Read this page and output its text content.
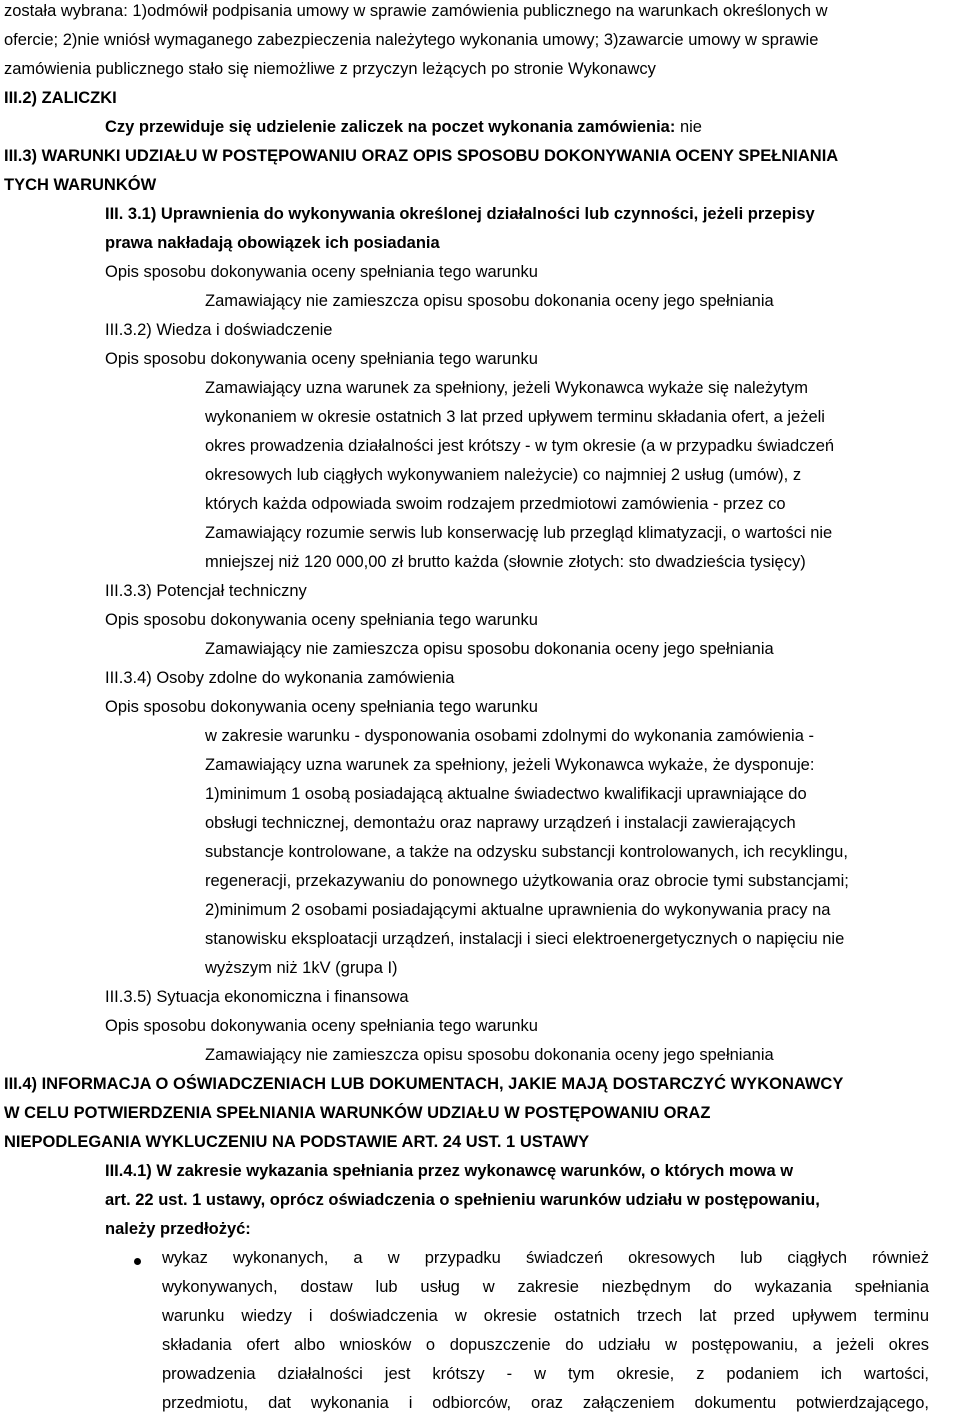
została wybrana: 1)odmówił podpisania umowy w sprawie zamówienia publicznego na warunkach określonych w
ofercie; 2)nie wniósł wymaganego zabezpieczenia należytego wykonania umowy; 3)zawarcie umowy w sprawie
zamówienia publicznego stało się niemożliwe z przyczyn leżących po stronie Wykonawcy
III.2) ZALICZKI
Czy przewiduje się udzielenie zaliczek na poczet wykonania zamówienia: nie
III.3) WARUNKI UDZIAŁU W POSTĘPOWANIU ORAZ OPIS SPOSOBU DOKONYWANIA OCENY SPEŁNIANIA
TYCH WARUNKÓW
III. 3.1) Uprawnienia do wykonywania określonej działalności lub czynności, jeżeli przepisy
prawa nakładają obowiązek ich posiadania
Opis sposobu dokonywania oceny spełniania tego warunku
Zamawiający nie zamieszcza opisu sposobu dokonania oceny jego spełniania
III.3.2) Wiedza i doświadczenie
Opis sposobu dokonywania oceny spełniania tego warunku
Zamawiający uzna warunek za spełniony, jeżeli Wykonawca wykaże się należytym
wykonaniem w okresie ostatnich 3 lat przed upływem terminu składania ofert, a jeżeli
okres prowadzenia działalności jest krótszy - w tym okresie (a w przypadku świadczeń
okresowych lub ciągłych wykonywaniem należycie) co najmniej 2 usług (umów), z
których każda odpowiada swoim rodzajem przedmiotowi zamówienia - przez co
Zamawiający rozumie serwis lub konserwację lub przegląd klimatyzacji, o wartości nie
mniejszej niż 120 000,00 zł brutto każda (słownie złotych: sto dwadzieścia tysięcy)
III.3.3) Potencjał techniczny
Opis sposobu dokonywania oceny spełniania tego warunku
Zamawiający nie zamieszcza opisu sposobu dokonania oceny jego spełniania
III.3.4) Osoby zdolne do wykonania zamówienia
Opis sposobu dokonywania oceny spełniania tego warunku
w zakresie warunku - dysponowania osobami zdolnymi do wykonania zamówienia -
Zamawiający uzna warunek za spełniony, jeżeli Wykonawca wykaże, że dysponuje:
1)minimum 1 osobą posiadającą aktualne świadectwo kwalifikacji uprawniające do
obsługi technicznej, demontażu oraz naprawy urządzeń i instalacji zawierających
substancje kontrolowane, a także na odzysku substancji kontrolowanych, ich recyklingu,
regeneracji, przekazywaniu do ponownego użytkowania oraz obrocie tymi substancjami;
2)minimum 2 osobami posiadającymi aktualne uprawnienia do wykonywania pracy na
stanowisku eksploatacji urządzeń, instalacji i sieci elektroenergetycznych o napięciu nie
wyższym niż 1kV (grupa I)
III.3.5) Sytuacja ekonomiczna i finansowa
Opis sposobu dokonywania oceny spełniania tego warunku
Zamawiający nie zamieszcza opisu sposobu dokonania oceny jego spełniania
III.4) INFORMACJA O OŚWIADCZENIACH LUB DOKUMENTACH, JAKIE MAJĄ DOSTARCZYĆ WYKONAWCY
W CELU POTWIERDZENIA SPEŁNIANIA WARUNKÓW UDZIAŁU W POSTĘPOWANIU ORAZ
NIEPODLEGANIA WYKLUCZENIU NA PODSTAWIE ART. 24 UST. 1 USTAWY
III.4.1) W zakresie wykazania spełniania przez wykonawcę warunków, o których mowa w
art. 22 ust. 1 ustawy, oprócz oświadczenia o spełnieniu warunków udziału w postępowaniu,
należy przedłożyć:
wykaz wykonanych, a w przypadku świadczeń okresowych lub ciągłych również
wykonywanych, dostaw lub usług w zakresie niezbędnym do wykazania spełniania
warunku wiedzy i doświadczenia w okresie ostatnich trzech lat przed upływem terminu
składania ofert albo wniosków o dopuszczenie do udziału w postępowaniu, a jeżeli okres
prowadzenia działalności jest krótszy - w tym okresie, z podaniem ich wartości,
przedmiotu, dat wykonania i odbiorców, oraz załączeniem dokumentu potwierdzającego,
